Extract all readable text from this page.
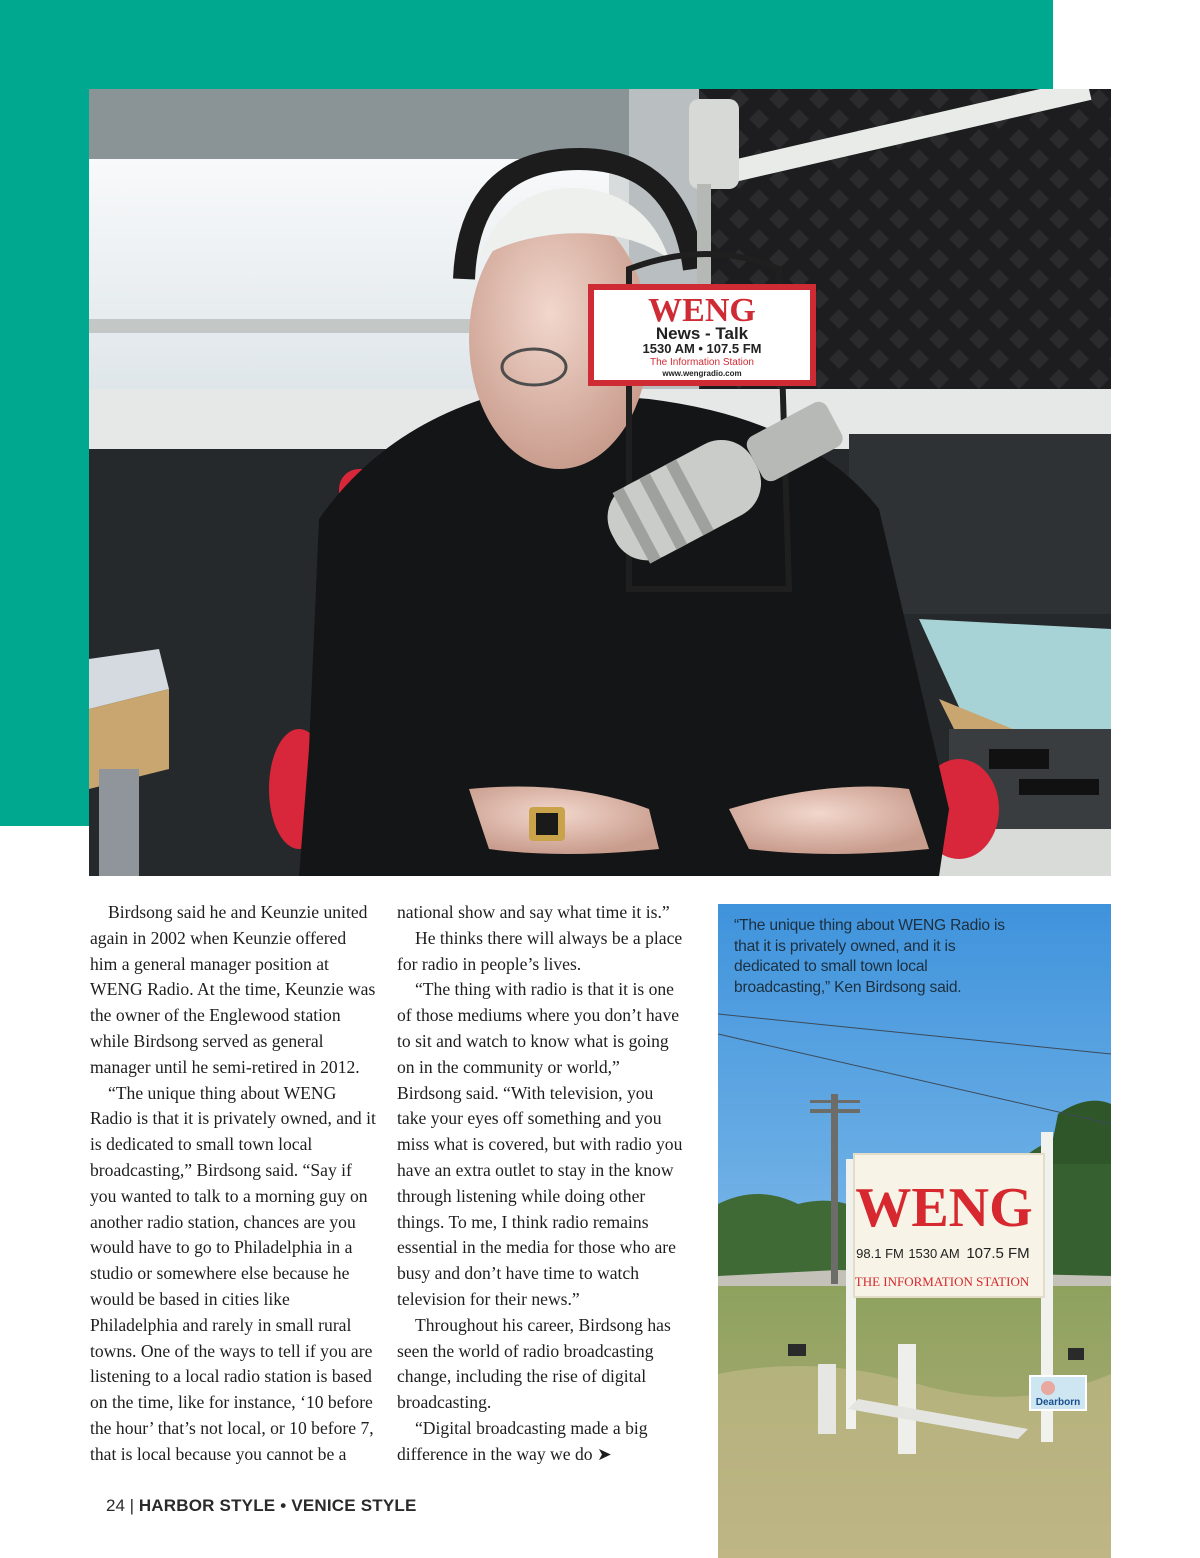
WENG
News - Talk
1530 AM • 107.5 FM
The Information Station
www.wengradio.com

Birdsong said he and Keunzie united again in 2002 when Keunzie offered him a general manager position at WENG Radio. At the time, Keunzie was the owner of the Englewood station while Birdsong served as general manager until he semi-retired in 2012.

“The unique thing about WENG Radio is that it is privately owned, and it is dedicated to small town local broadcasting,” Birdsong said. “Say if you wanted to talk to a morning guy on another radio station, chances are you would have to go to Philadelphia in a studio or somewhere else because he would be based in cities like Philadelphia and rarely in small rural towns. One of the ways to tell if you are listening to a local radio station is based on the time, like for instance, ‘10 before the hour’ that’s not local, or 10 before 7, that is local because you cannot be a

national show and say what time it is.”

He thinks there will always be a place for radio in people’s lives.

“The thing with radio is that it is one of those mediums where you don’t have to sit and watch to know what is going on in the community or world,” Birdsong said. “With television, you take your eyes off something and you miss what is covered, but with radio you have an extra outlet to stay in the know through listening while doing other things. To me, I think radio remains essential in the media for those who are busy and don’t have time to watch television for their news.”

Throughout his career, Birdsong has seen the world of radio broadcasting change, including the rise of digital broadcasting.

“Digital broadcasting made a big difference in the way we do ➤

WENG
98.1 FM 1530 AM 107.5 FM
THE INFORMATION STATION
Dearborn
“The unique thing about WENG Radio is that it is privately owned, and it is dedicated to small town local broadcasting,” Ken Birdsong said.
24 | HARBOR STYLE • VENICE STYLE
